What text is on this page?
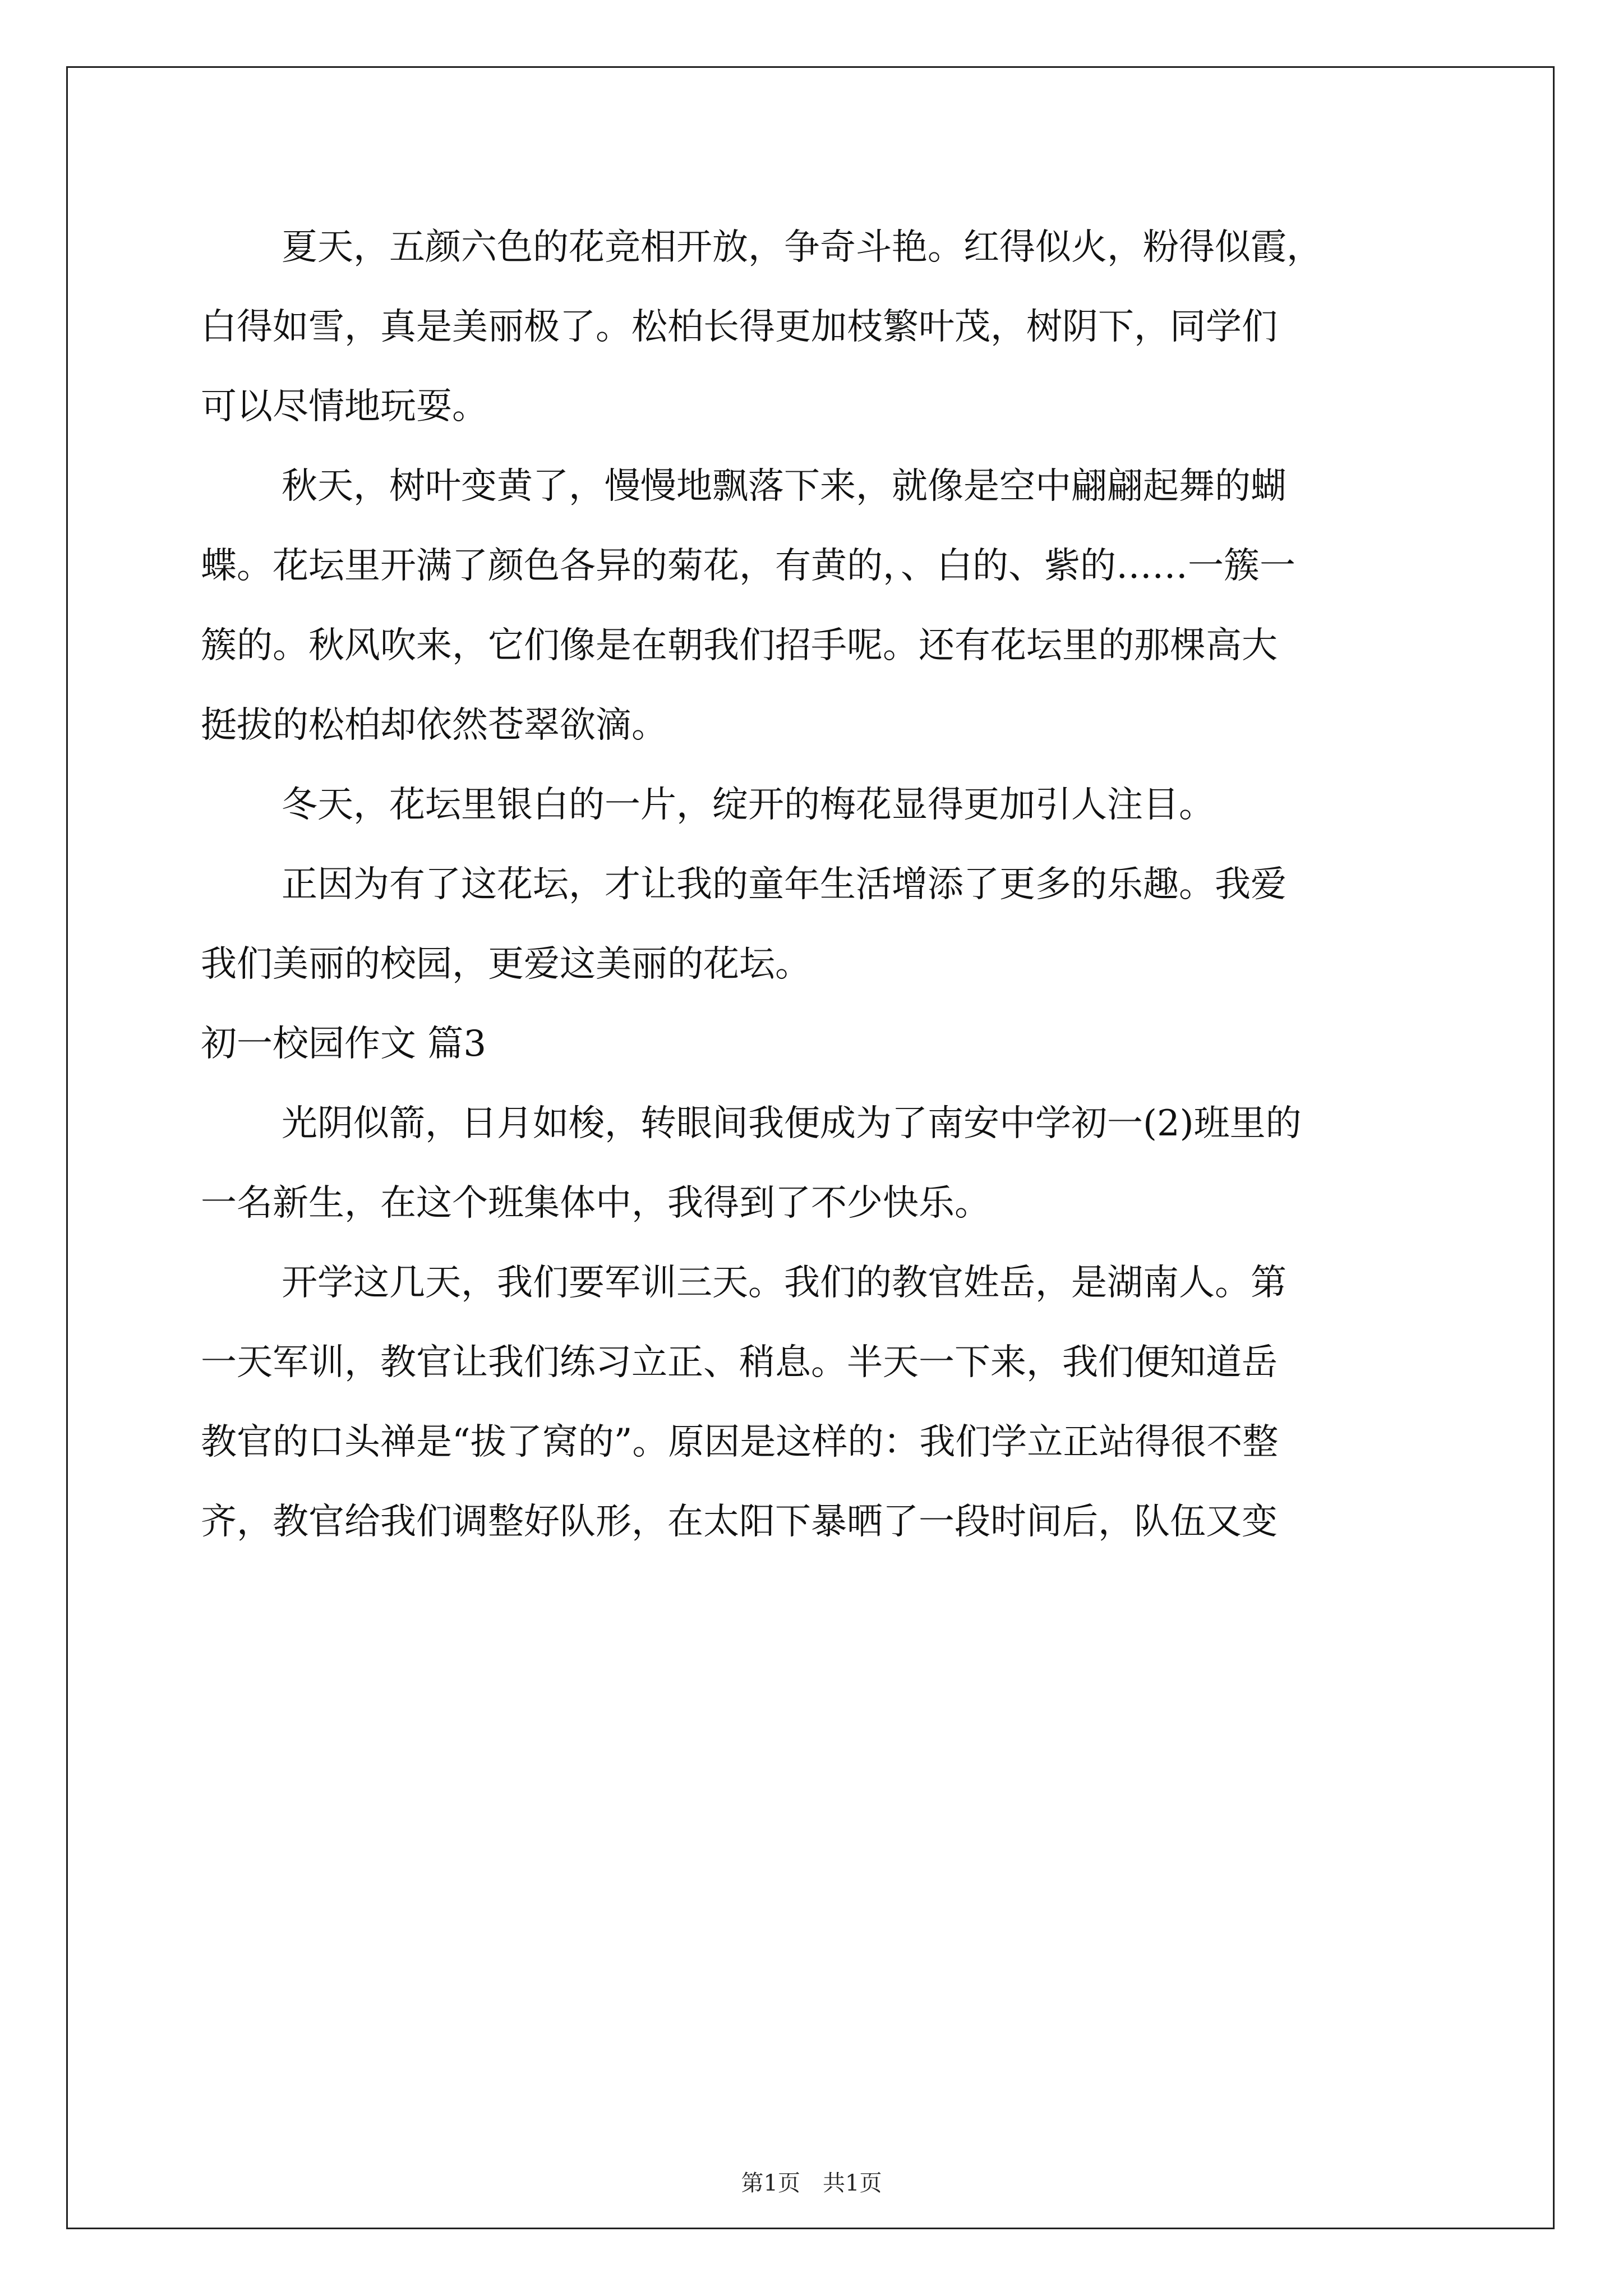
夏天，五颜六色的花竞相开放，争奇斗艳。红得似火，粉得似霞，
白得如雪，真是美丽极了。松柏长得更加枝繁叶茂，树阴下，同学们
可以尽情地玩耍。
秋天，树叶变黄了，慢慢地飘落下来，就像是空中翩翩起舞的蝴
蝶。花坛里开满了颜色各异的菊花，有黄的，、白的、紫的……一簇一
簇的。秋风吹来，它们像是在朝我们招手呢。还有花坛里的那棵高大
挺拔的松柏却依然苍翠欲滴。
冬天，花坛里银白的一片，绽开的梅花显得更加引人注目。
正因为有了这花坛，才让我的童年生活增添了更多的乐趣。我爱
我们美丽的校园，更爱这美丽的花坛。
初一校园作文 篇3
光阴似箭，日月如梭，转眼间我便成为了南安中学初一(2)班里的
一名新生，在这个班集体中，我得到了不少快乐。
开学这几天，我们要军训三天。我们的教官姓岳，是湖南人。第
一天军训，教官让我们练习立正、稍息。半天一下来，我们便知道岳
教官的口头禅是“拔了窝的”。原因是这样的：我们学立正站得很不整
齐，教官给我们调整好队形，在太阳下暴晒了一段时间后，队伍又变
第1页　共1页
